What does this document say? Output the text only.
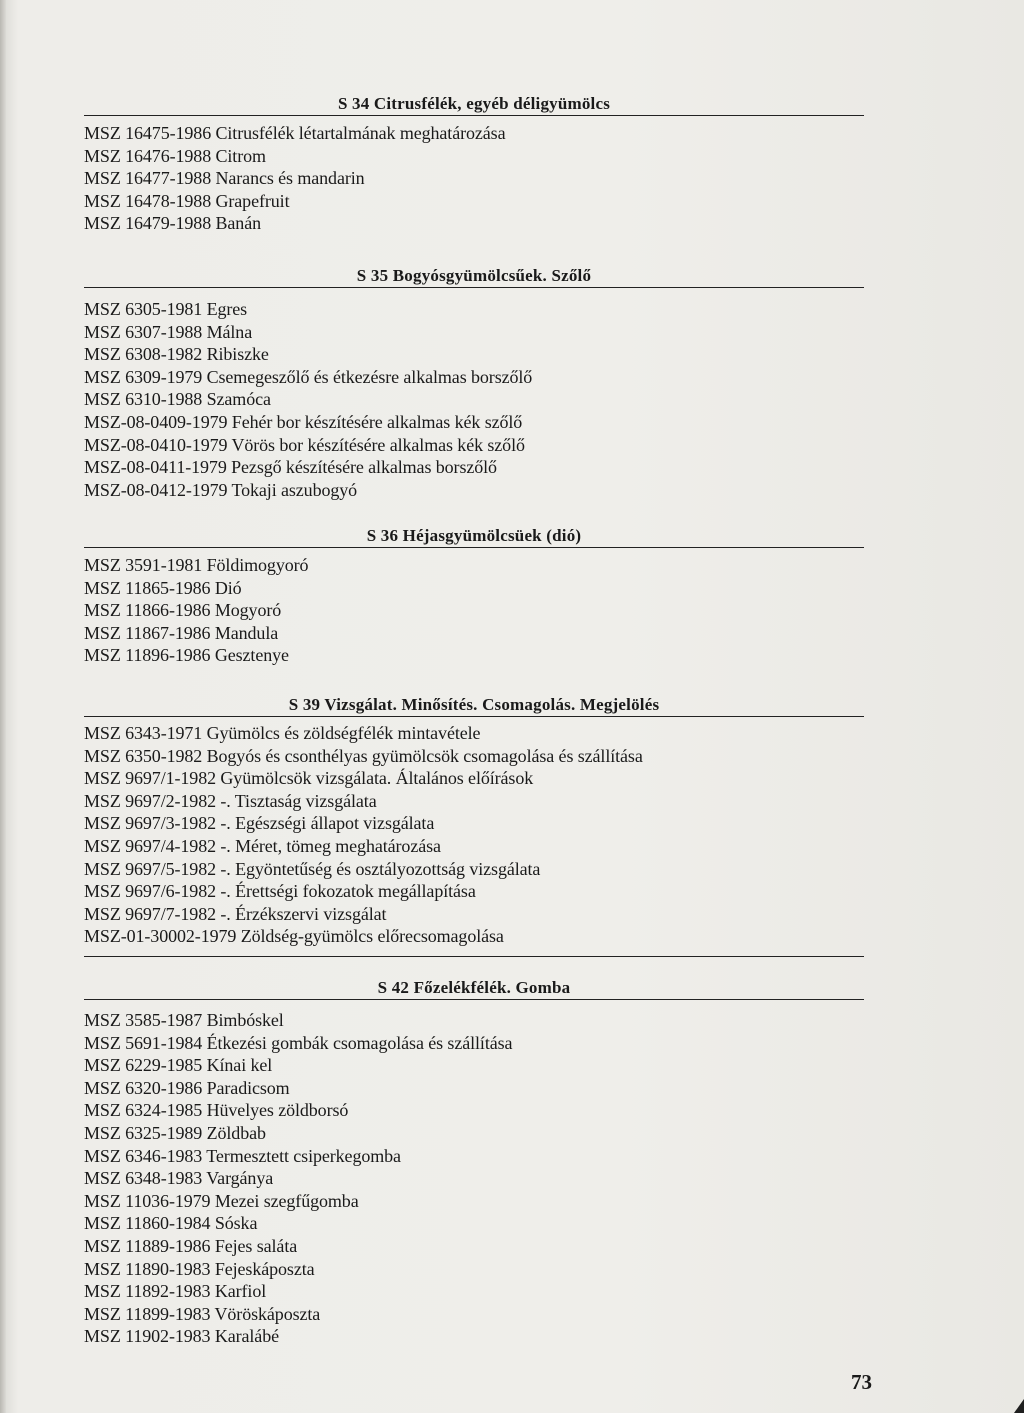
S 34 Citrusfélék, egyéb déligyümölcs
MSZ 16475-1986 Citrusfélék létartalmának meghatározása
MSZ 16476-1988 Citrom
MSZ 16477-1988 Narancs és mandarin
MSZ 16478-1988 Grapefruit
MSZ 16479-1988 Banán
S 35 Bogyósgyümölcsűek. Szőlő
MSZ 6305-1981 Egres
MSZ 6307-1988 Málna
MSZ 6308-1982 Ribiszke
MSZ 6309-1979 Csemegeszőlő és étkezésre alkalmas borszőlő
MSZ 6310-1988 Szamóca
MSZ-08-0409-1979 Fehér bor készítésére alkalmas kék szőlő
MSZ-08-0410-1979 Vörös bor készítésére alkalmas kék szőlő
MSZ-08-0411-1979 Pezsgő készítésére alkalmas borszőlő
MSZ-08-0412-1979 Tokaji aszubogyó
S 36 Héjasgyümölcsüek (dió)
MSZ 3591-1981 Földimogyoró
MSZ 11865-1986 Dió
MSZ 11866-1986 Mogyoró
MSZ 11867-1986 Mandula
MSZ 11896-1986 Gesztenye
S 39 Vizsgálat. Minősítés. Csomagolás. Megjelölés
MSZ 6343-1971 Gyümölcs és zöldségfélék mintavétele
MSZ 6350-1982 Bogyós és csonthélyas gyümölcsök csomagolása és szállítása
MSZ 9697/1-1982 Gyümölcsök vizsgálata. Általános előírások
MSZ 9697/2-1982 -. Tisztaság vizsgálata
MSZ 9697/3-1982 -. Egészségi állapot vizsgálata
MSZ 9697/4-1982 -. Méret, tömeg meghatározása
MSZ 9697/5-1982 -. Egyöntetűség és osztályozottság vizsgálata
MSZ 9697/6-1982 -. Érettségi fokozatok megállapítása
MSZ 9697/7-1982 -. Érzékszervi vizsgálat
MSZ-01-30002-1979 Zöldség-gyümölcs előrecsomagolása
S 42 Főzelékfélék. Gomba
MSZ 3585-1987 Bimbóskel
MSZ 5691-1984 Étkezési gombák csomagolása és szállítása
MSZ 6229-1985 Kínai kel
MSZ 6320-1986 Paradicsom
MSZ 6324-1985 Hüvelyes zöldborsó
MSZ 6325-1989 Zöldbab
MSZ 6346-1983 Termesztett csiperkegomba
MSZ 6348-1983 Vargánya
MSZ 11036-1979 Mezei szegfűgomba
MSZ 11860-1984 Sóska
MSZ 11889-1986 Fejes saláta
MSZ 11890-1983 Fejeskáposzta
MSZ 11892-1983 Karfiol
MSZ 11899-1983 Vöröskáposzta
MSZ 11902-1983 Karalábé
73
